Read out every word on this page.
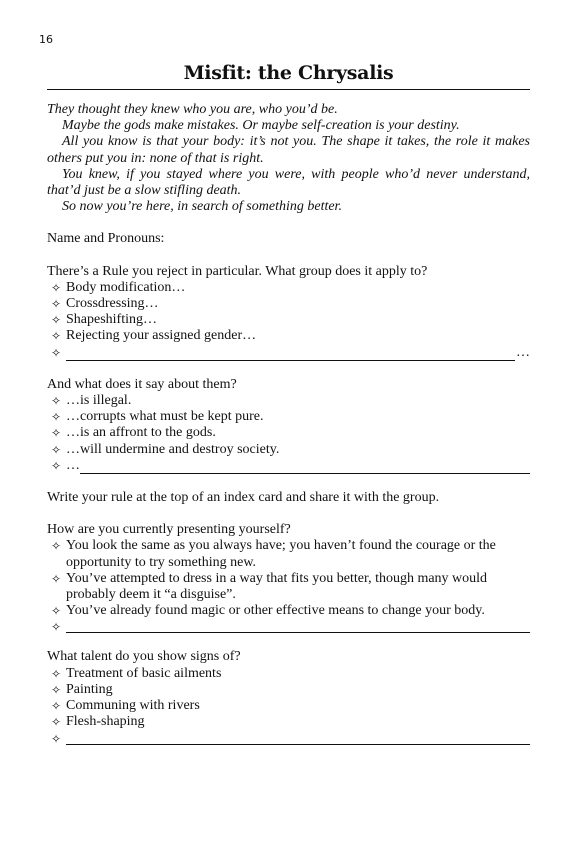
16
Misfit: the Chrysalis

They thought they knew who you are, who you’d be.

Maybe the gods make mistakes. Or maybe self-creation is your destiny.

All you know is that your body: it’s not you. The shape it takes, the role it makes others put you in: none of that is right.

You knew, if you stayed where you were, with people who’d never understand, that’d just be a slow stifling death.

So now you’re here, in search of something better.

Name and Pronouns:

There’s a Rule you reject in particular. What group does it apply to?

✧ Body modification…
✧ Crossdressing…
✧ Shapeshifting…
✧ Rejecting your assigned gender…
✧	…

And what does it say about them?

✧ …is illegal.
✧ …corrupts what must be kept pure.
✧ …is an affront to the gods.
✧ …will undermine and destroy society.
✧ …

Write your rule at the top of an index card and share it with the group.

How are you currently presenting yourself?

✧ You look the same as you always have; you haven’t found the courage or the opportunity to try something new.
✧ You’ve attempted to dress in a way that fits you better, though many would probably deem it “a disguise”.
✧ You’ve already found magic or other effective means to change your body.
✧

What talent do you show signs of?

✧ Treatment of basic ailments
✧ Painting
✧ Communing with rivers
✧ Flesh-shaping
✧
